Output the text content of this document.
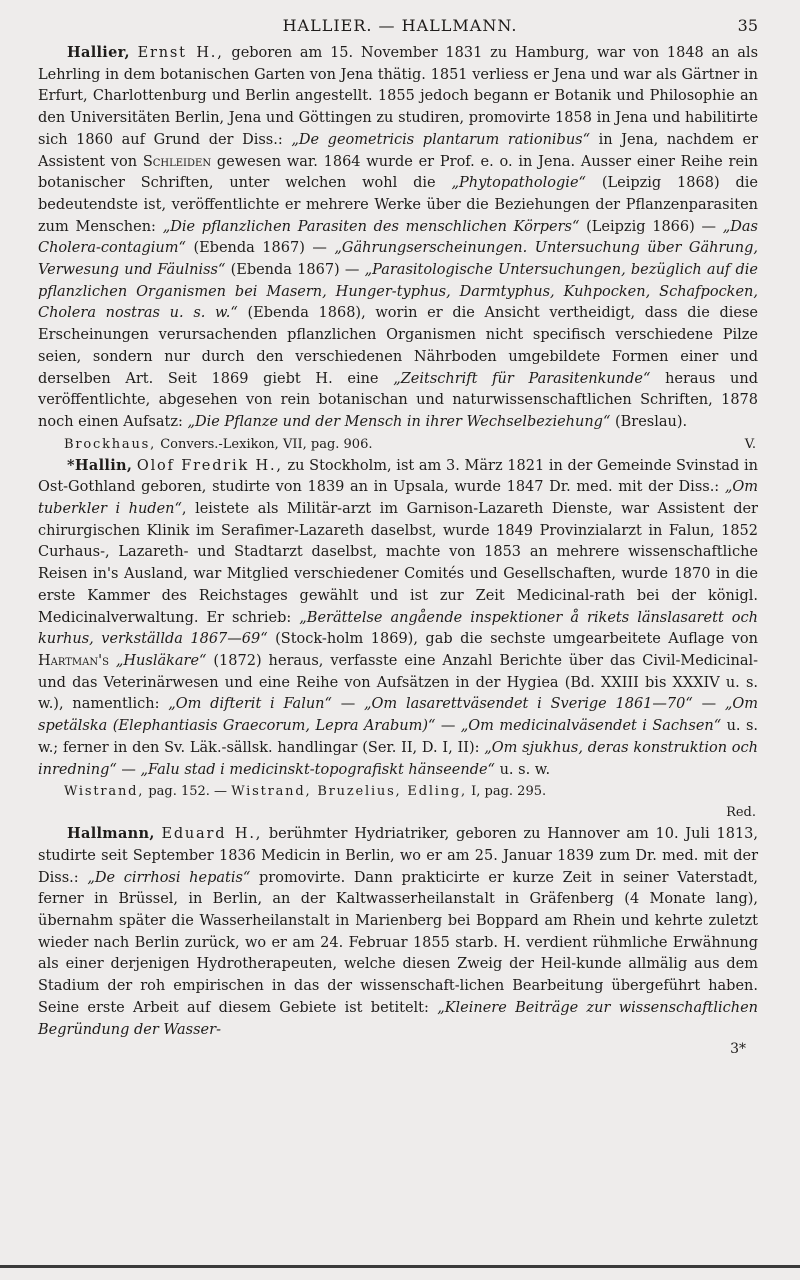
HALLIER. — HALLMANN.	35

Hallier, Ernst H., geboren am 15. November 1831 zu Hamburg, war von 1848 an als Lehrling in dem botanischen Garten von Jena thätig. 1851 verliess er Jena und war als Gärtner in Erfurt, Charlottenburg und Berlin angestellt. 1855 jedoch begann er Botanik und Philosophie an den Universitäten Berlin, Jena und Göttingen zu studiren, promovirte 1858 in Jena und habilitirte sich 1860 auf Grund der Diss.: „De geometricis plantarum rationibus“ in Jena, nachdem er Assistent von Schleiden gewesen war. 1864 wurde er Prof. e. o. in Jena. Ausser einer Reihe rein botanischer Schriften, unter welchen wohl die „Phytopathologie“ (Leipzig 1868) die bedeutendste ist, veröffentlichte er mehrere Werke über die Beziehungen der Pflanzenparasiten zum Menschen: „Die pflanzlichen Parasiten des menschlichen Körpers“ (Leipzig 1866) — „Das Cholera-contagium“ (Ebenda 1867) — „Gährungserscheinungen. Untersuchung über Gährung, Verwesung und Fäulniss“ (Ebenda 1867) — „Parasitologische Untersuchungen, bezüglich auf die pflanzlichen Organismen bei Masern, Hunger-typhus, Darmtyphus, Kuhpocken, Schafpocken, Cholera nostras u. s. w.“ (Ebenda 1868), worin er die Ansicht vertheidigt, dass die diese Erscheinungen verursachenden pflanzlichen Organismen nicht specifisch verschiedene Pilze seien, sondern nur durch den verschiedenen Nährboden umgebildete Formen einer und derselben Art. Seit 1869 giebt H. eine „Zeitschrift für Parasitenkunde“ heraus und veröffentlichte, abgesehen von rein botanischan und naturwissenschaftlichen Schriften, 1878 noch einen Aufsatz: „Die Pflanze und der Mensch in ihrer Wechselbeziehung“ (Breslau).

Brockhaus, Convers.-Lexikon, VII, pag. 906.	V.

*Hallin, Olof Fredrik H., zu Stockholm, ist am 3. März 1821 in der Gemeinde Svinstad in Ost-Gothland geboren, studirte von 1839 an in Upsala, wurde 1847 Dr. med. mit der Diss.: „Om tuberkler i huden“, leistete als Militär-arzt im Garnison-Lazareth Dienste, war Assistent der chirurgischen Klinik im Serafimer-Lazareth daselbst, wurde 1849 Provinzialarzt in Falun, 1852 Curhaus-, Lazareth- und Stadtarzt daselbst, machte von 1853 an mehrere wissenschaftliche Reisen in's Ausland, war Mitglied verschiedener Comités und Gesellschaften, wurde 1870 in die erste Kammer des Reichstages gewählt und ist zur Zeit Medicinal-rath bei der königl. Medicinalverwaltung. Er schrieb: „Berättelse angående inspektioner å rikets länslasarett och kurhus, verkställda 1867—69“ (Stock-holm 1869), gab die sechste umgearbeitete Auflage von Hartman's „Husläkare“ (1872) heraus, verfasste eine Anzahl Berichte über das Civil-Medicinal- und das Veterinärwesen und eine Reihe von Aufsätzen in der Hygiea (Bd. XXIII bis XXXIV u. s. w.), namentlich: „Om difterit i Falun“ — „Om lasarettväsendet i Sverige 1861—70“ — „Om spetälska (Elephantiasis Graecorum, Lepra Arabum)“ — „Om medicinalväsendet i Sachsen“ u. s. w.; ferner in den Sv. Läk.-sällsk. handlingar (Ser. II, D. I, II): „Om sjukhus, deras konstruktion och inredning“ — „Falu stad i medicinskt-topografiskt hänseende“ u. s. w.

Wistrand, pag. 152. — Wistrand, Bruzelius, Edling, I, pag. 295.
Red.

Hallmann, Eduard H., berühmter Hydriatriker, geboren zu Hannover am 10. Juli 1813, studirte seit September 1836 Medicin in Berlin, wo er am 25. Januar 1839 zum Dr. med. mit der Diss.: „De cirrhosi hepatis“ promovirte. Dann prakticirte er kurze Zeit in seiner Vaterstadt, ferner in Brüssel, in Berlin, an der Kaltwasserheilanstalt in Gräfenberg (4 Monate lang), übernahm später die Wasserheilanstalt in Marienberg bei Boppard am Rhein und kehrte zuletzt wieder nach Berlin zurück, wo er am 24. Februar 1855 starb. H. verdient rühmliche Erwähnung als einer derjenigen Hydrotherapeuten, welche diesen Zweig der Heil-kunde allmälig aus dem Stadium der roh empirischen in das der wissenschaft-lichen Bearbeitung übergeführt haben. Seine erste Arbeit auf diesem Gebiete ist betitelt: „Kleinere Beiträge zur wissenschaftlichen Begründung der Wasser-

3*
